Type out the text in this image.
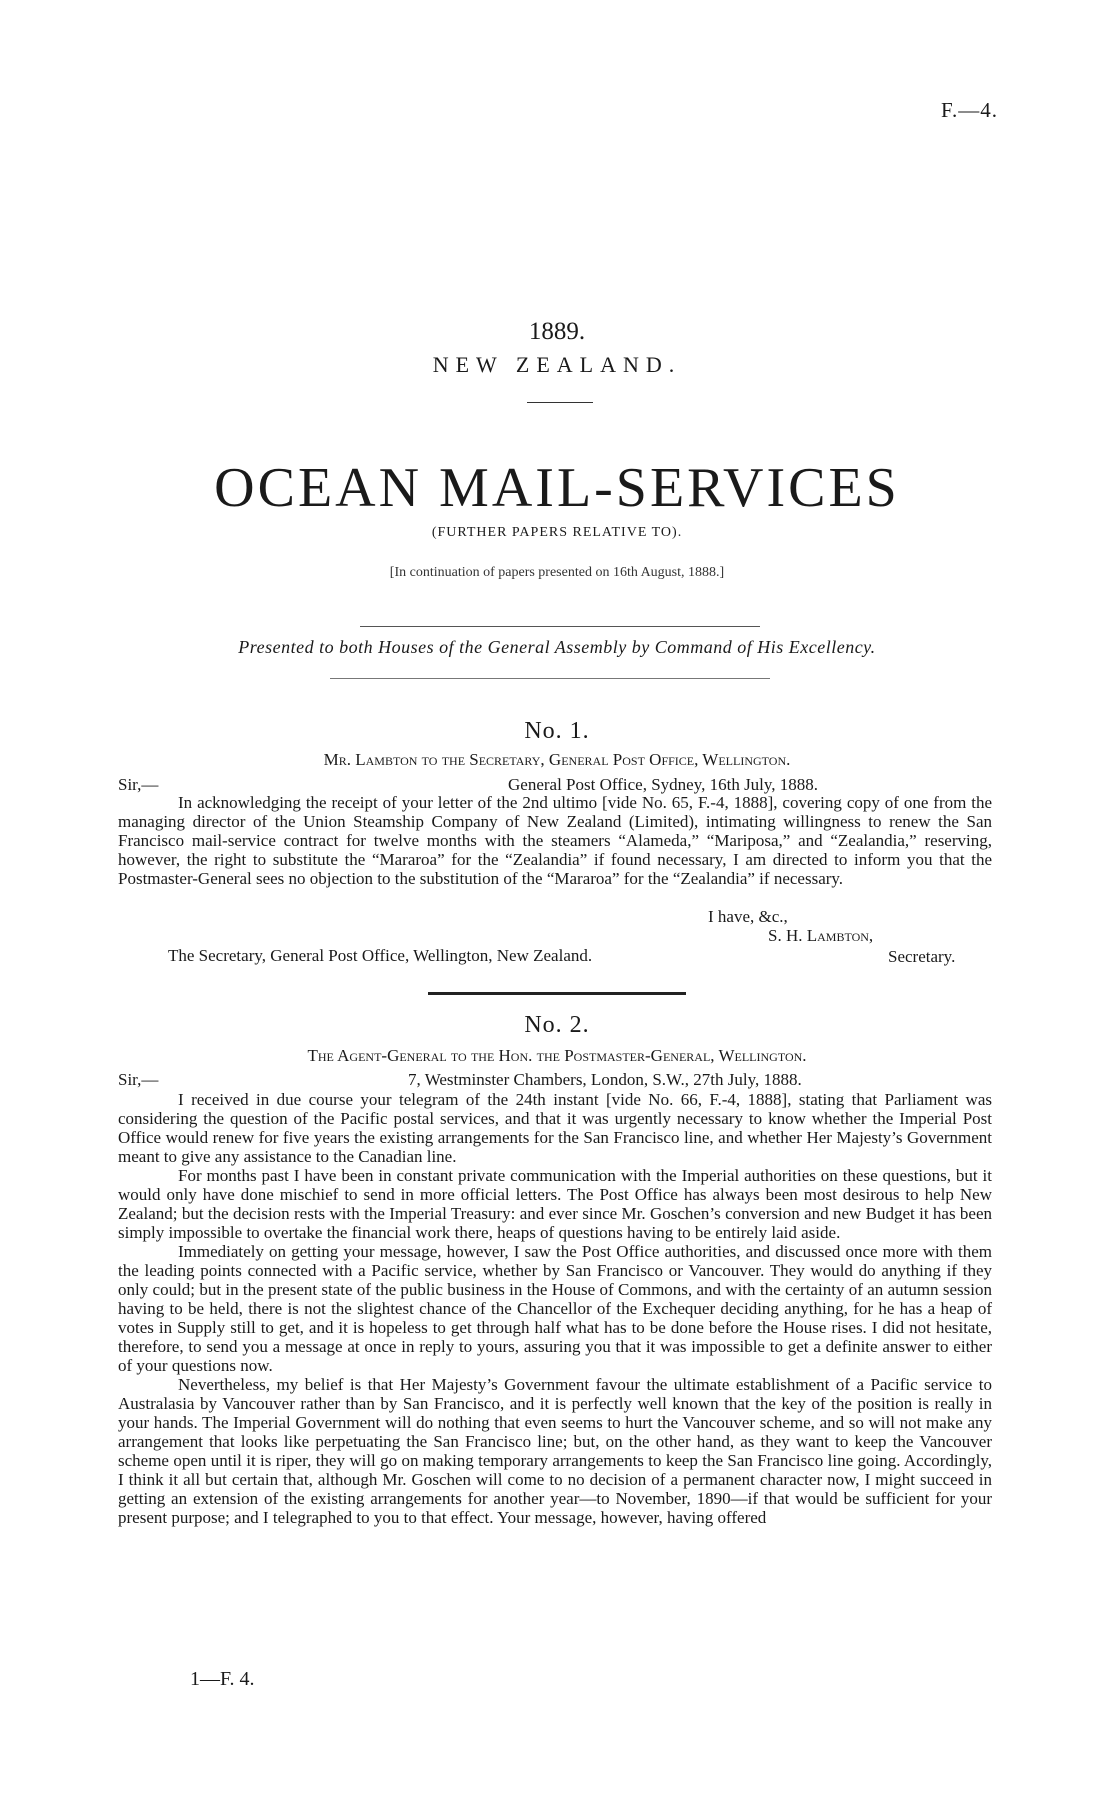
F.—4.
1889.
NEW ZEALAND.
OCEAN MAIL-SERVICES
(FURTHER PAPERS RELATIVE TO).
[In continuation of papers presented on 16th August, 1888.]
Presented to both Houses of the General Assembly by Command of His Excellency.
No. 1.
Mr. Lambton to the Secretary, General Post Office, Wellington.
Sir,—	General Post Office, Sydney, 16th July, 1888.

In acknowledging the receipt of your letter of the 2nd ultimo [vide No. 65, F.-4, 1888], covering copy of one from the managing director of the Union Steamship Company of New Zealand (Limited), intimating willingness to renew the San Francisco mail-service contract for twelve months with the steamers “Alameda,” “Mariposa,” and “Zealandia,” reserving, however, the right to substitute the “Mararoa” for the “Zealandia” if found necessary, I am directed to inform you that the Postmaster-General sees no objection to the substitution of the “Mararoa” for the “Zealandia” if necessary.

I have, &c.,
S. H. Lambton,
The Secretary, General Post Office, Wellington, New Zealand.	Secretary.
No. 2.
The Agent-General to the Hon. the Postmaster-General, Wellington.
Sir,—	7, Westminster Chambers, London, S.W., 27th July, 1888.

I received in due course your telegram of the 24th instant [vide No. 66, F.-4, 1888], stating that Parliament was considering the question of the Pacific postal services, and that it was urgently necessary to know whether the Imperial Post Office would renew for five years the existing arrangements for the San Francisco line, and whether Her Majesty’s Government meant to give any assistance to the Canadian line.

For months past I have been in constant private communication with the Imperial authorities on these questions, but it would only have done mischief to send in more official letters. The Post Office has always been most desirous to help New Zealand; but the decision rests with the Imperial Treasury: and ever since Mr. Goschen’s conversion and new Budget it has been simply impossible to overtake the financial work there, heaps of questions having to be entirely laid aside.

Immediately on getting your message, however, I saw the Post Office authorities, and discussed once more with them the leading points connected with a Pacific service, whether by San Francisco or Vancouver. They would do anything if they only could; but in the present state of the public business in the House of Commons, and with the certainty of an autumn session having to be held, there is not the slightest chance of the Chancellor of the Exchequer deciding anything, for he has a heap of votes in Supply still to get, and it is hopeless to get through half what has to be done before the House rises. I did not hesitate, therefore, to send you a message at once in reply to yours, assuring you that it was impossible to get a definite answer to either of your questions now.

Nevertheless, my belief is that Her Majesty’s Government favour the ultimate establishment of a Pacific service to Australasia by Vancouver rather than by San Francisco, and it is perfectly well known that the key of the position is really in your hands. The Imperial Government will do nothing that even seems to hurt the Vancouver scheme, and so will not make any arrangement that looks like perpetuating the San Francisco line; but, on the other hand, as they want to keep the Vancouver scheme open until it is riper, they will go on making temporary arrangements to keep the San Francisco line going. Accordingly, I think it all but certain that, although Mr. Goschen will come to no decision of a permanent character now, I might succeed in getting an extension of the existing arrangements for another year—to November, 1890—if that would be sufficient for your present purpose; and I telegraphed to you to that effect. Your message, however, having offered

1—F. 4.
